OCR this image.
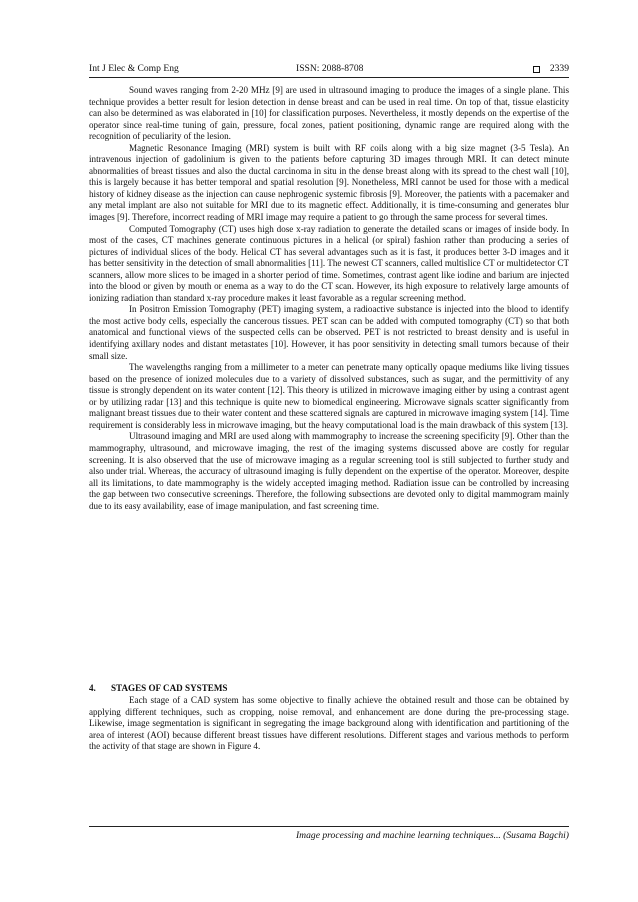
Int J Elec & Comp Eng	ISSN: 2088-8708	2339

Sound waves ranging from 2-20 MHz [9] are used in ultrasound imaging to produce the images of a single plane. This technique provides a better result for lesion detection in dense breast and can be used in real time. On top of that, tissue elasticity can also be determined as was elaborated in [10] for classification purposes. Nevertheless, it mostly depends on the expertise of the operator since real-time tuning of gain, pressure, focal zones, patient positioning, dynamic range are required along with the recognition of peculiarity of the lesion.

Magnetic Resonance Imaging (MRI) system is built with RF coils along with a big size magnet (3-5 Tesla). An intravenous injection of gadolinium is given to the patients before capturing 3D images through MRI. It can detect minute abnormalities of breast tissues and also the ductal carcinoma in situ in the dense breast along with its spread to the chest wall [10], this is largely because it has better temporal and spatial resolution [9]. Nonetheless, MRI cannot be used for those with a medical history of kidney disease as the injection can cause nephrogenic systemic fibrosis [9]. Moreover, the patients with a pacemaker and any metal implant are also not suitable for MRI due to its magnetic effect. Additionally, it is time-consuming and generates blur images [9]. Therefore, incorrect reading of MRI image may require a patient to go through the same process for several times.

Computed Tomography (CT) uses high dose x-ray radiation to generate the detailed scans or images of inside body. In most of the cases, CT machines generate continuous pictures in a helical (or spiral) fashion rather than producing a series of pictures of individual slices of the body. Helical CT has several advantages such as it is fast, it produces better 3-D images and it has better sensitivity in the detection of small abnormalities [11]. The newest CT scanners, called multislice CT or multidetector CT scanners, allow more slices to be imaged in a shorter period of time. Sometimes, contrast agent like iodine and barium are injected into the blood or given by mouth or enema as a way to do the CT scan. However, its high exposure to relatively large amounts of ionizing radiation than standard x-ray procedure makes it least favorable as a regular screening method.

In Positron Emission Tomography (PET) imaging system, a radioactive substance is injected into the blood to identify the most active body cells, especially the cancerous tissues. PET scan can be added with computed tomography (CT) so that both anatomical and functional views of the suspected cells can be observed. PET is not restricted to breast density and is useful in identifying axillary nodes and distant metastates [10]. However, it has poor sensitivity in detecting small tumors because of their small size.

The wavelengths ranging from a millimeter to a meter can penetrate many optically opaque mediums like living tissues based on the presence of ionized molecules due to a variety of dissolved substances, such as sugar, and the permittivity of any tissue is strongly dependent on its water content [12]. This theory is utilized in microwave imaging either by using a contrast agent or by utilizing radar [13] and this technique is quite new to biomedical engineering. Microwave signals scatter significantly from malignant breast tissues due to their water content and these scattered signals are captured in microwave imaging system [14]. Time requirement is considerably less in microwave imaging, but the heavy computational load is the main drawback of this system [13].

Ultrasound imaging and MRI are used along with mammography to increase the screening specificity [9]. Other than the mammography, ultrasound, and microwave imaging, the rest of the imaging systems discussed above are costly for regular screening. It is also observed that the use of microwave imaging as a regular screening tool is still subjected to further study and also under trial. Whereas, the accuracy of ultrasound imaging is fully dependent on the expertise of the operator. Moreover, despite all its limitations, to date mammography is the widely accepted imaging method. Radiation issue can be controlled by increasing the gap between two consecutive screenings. Therefore, the following subsections are devoted only to digital mammogram mainly due to its easy availability, ease of image manipulation, and fast screening time.

4. STAGES OF CAD SYSTEMS

Each stage of a CAD system has some objective to finally achieve the obtained result and those can be obtained by applying different techniques, such as cropping, noise removal, and enhancement are done during the pre-processing stage. Likewise, image segmentation is significant in segregating the image background along with identification and partitioning of the area of interest (AOI) because different breast tissues have different resolutions. Different stages and various methods to perform the activity of that stage are shown in Figure 4.

Image processing and machine learning techniques... (Susama Bagchi)
